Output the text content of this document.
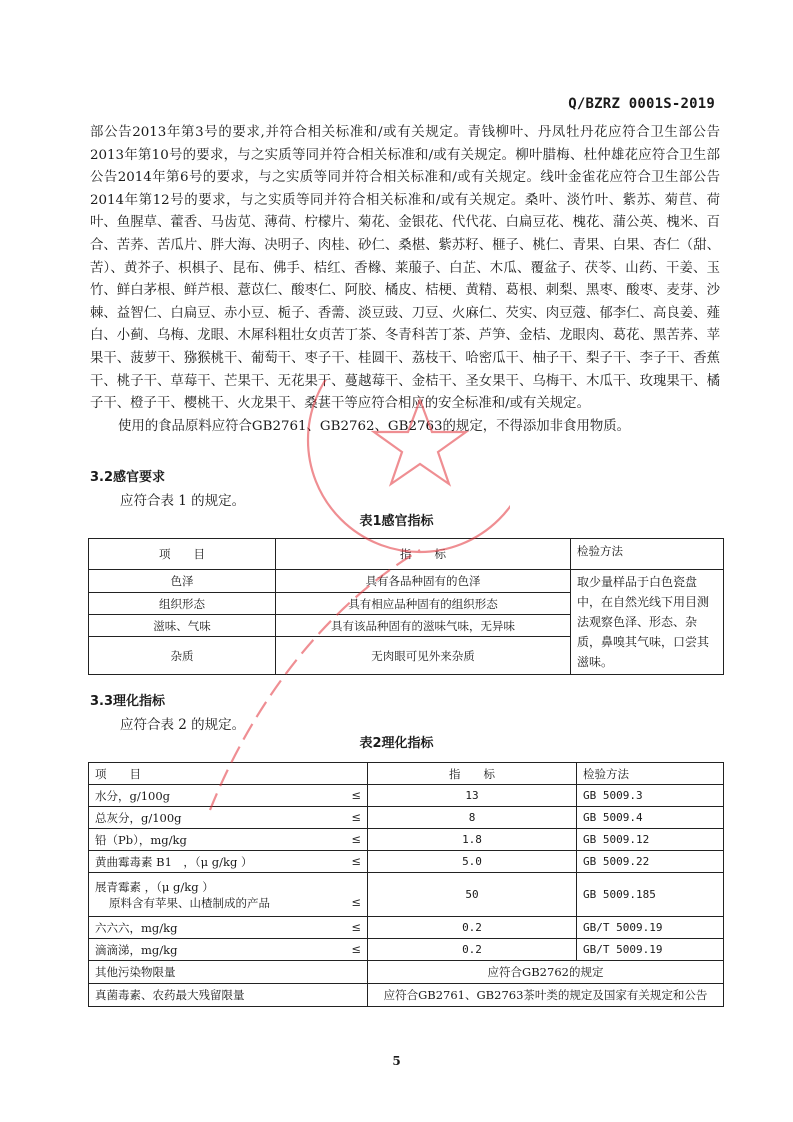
Q/BZRZ 0001S-2019

部公告2013年第3号的要求,并符合相关标准和/或有关规定。青钱柳叶、丹凤牡丹花应符合卫生部公告2013年第10号的要求，与之实质等同并符合相关标准和/或有关规定。柳叶腊梅、杜仲雄花应符合卫生部公告2014年第6号的要求，与之实质等同并符合相关标准和/或有关规定。线叶金雀花应符合卫生部公告2014年第12号的要求，与之实质等同并符合相关标准和/或有关规定。桑叶、淡竹叶、紫苏、菊苣、荷叶、鱼腥草、藿香、马齿苋、薄荷、柠檬片、菊花、金银花、代代花、白扁豆花、槐花、蒲公英、槐米、百合、苦荞、苦瓜片、胖大海、决明子、肉桂、砂仁、桑椹、紫苏籽、榧子、桃仁、青果、白果、杏仁（甜、苦）、黄芥子、枳椇子、昆布、佛手、桔红、香橼、莱菔子、白芷、木瓜、覆盆子、茯苓、山药、干姜、玉竹、鲜白茅根、鲜芦根、薏苡仁、酸枣仁、阿胶、橘皮、桔梗、黄精、葛根、刺梨、黑枣、酸枣、麦芽、沙棘、益智仁、白扁豆、赤小豆、栀子、香薷、淡豆豉、刀豆、火麻仁、芡实、肉豆蔻、郁李仁、高良姜、薤白、小蓟、乌梅、龙眼、木犀科粗壮女贞苦丁茶、冬青科苦丁茶、芦笋、金桔、龙眼肉、葛花、黑苦荞、苹果干、菠萝干、猕猴桃干、葡萄干、枣子干、桂圆干、荔枝干、哈密瓜干、柚子干、梨子干、李子干、香蕉干、桃子干、草莓干、芒果干、无花果干、蔓越莓干、金桔干、圣女果干、乌梅干、木瓜干、玫瑰果干、橘子干、橙子干、樱桃干、火龙果干、桑葚干等应符合相应的安全标准和/或有关规定。

使用的食品原料应符合GB2761、GB2762、GB2763的规定，不得添加非食用物质。

3.2感官要求
应符合表 1 的规定。
表1感官指标
项　　目	指　　标	检验方法
色泽	具有各品种固有的色泽	取少量样品于白色瓷盘中，在自然光线下用目测法观察色泽、形态、杂质，鼻嗅其气味，口尝其滋味。
组织形态	具有相应品种固有的组织形态	
滋味、气味	具有该品种固有的滋味气味，无异味	
杂质	无肉眼可见外来杂质	
3.3理化指标
应符合表 2 的规定。
表2理化指标
项　　目	指　　标	检验方法
水分，g/100g ≤	13	GB 5009.3
总灰分，g/100g ≤	8	GB 5009.4
铅（Pb），mg/kg ≤	1.8	GB 5009.12
黄曲霉毒素 B1　，（μ g/kg ） ≤	5.0	GB 5009.22

展青霉素 ，（μ g/kg ）
原料含有苹果、山楂制成的产品 ≤	50	GB 5009.185
六六六，mg/kg ≤	0.2	GB/T 5009.19
滴滴涕，mg/kg ≤	0.2	GB/T 5009.19
其他污染物限量	应符合GB2762的规定	
真菌毒素、农药最大残留限量	应符合GB2761、GB2763茶叶类的规定及国家有关规定和公告	
5
